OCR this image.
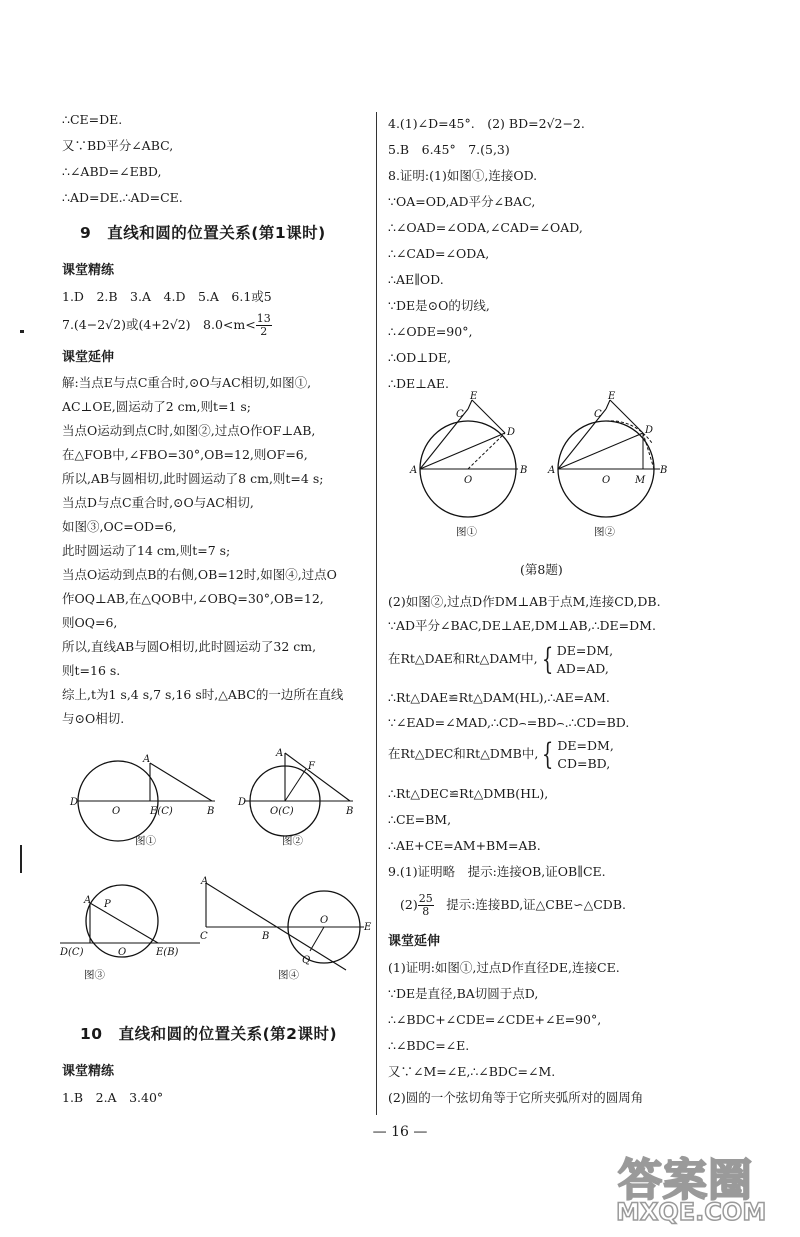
∴CE=DE.
又∵BD平分∠ABC,
∴∠ABD=∠EBD,
∴AD=DE.∴AD=CE.
9　直线和圆的位置关系(第1课时)
课堂精练
1.D　2.B　3.A　4.D　5.A　6.1或5
7.(4−2√2)或(4+2√2)　$8.0<m< \frac{13}{2}$
课堂延伸
解:当点E与点C重合时,⊙O与AC相切,如图①,
AC⊥OE,圆运动了2 cm,则t=1 s;
当点O运动到点C时,如图②,过点O作OF⊥AB,
在△FOB中,∠FBO=30°,OB=12,则OF=6,
所以,AB与圆相切,此时圆运动了8 cm,则t=4 s;
当点D与点C重合时,⊙O与AC相切,
如图③,OC=OD=6,
此时圆运动了14 cm,则t=7 s;
当点O运动到点B的右侧,OB=12时,如图④,过点O
作OQ⊥AB,在△QOB中,∠OBQ=30°,OB=12,
则OQ=6,
所以,直线AB与圆O相切,此时圆运动了32 cm,
则t=16 s.
综上,t为1 s,4 s,7 s,16 s时,△ABC的一边所在直线
与⊙O相切.
10　直线和圆的位置关系(第2课时)
课堂精练
1.B　2.A　3.40°
D
O	E(C)	B
A
图①
D
O(C)	B
A
F
图②
A P
D(C)	O	E(B)
图③
A
C	B
O
E
Q
图④
4.(1)∠D=45°.　(2) BD=2√2−2.
5.B　6.45°　7.(5,3)
8.证明:(1)如图①,连接OD.
∵OA=OD,AD平分∠BAC,
∴∠OAD=∠ODA,∠CAD=∠OAD,
∴∠CAD=∠ODA,
∴AE∥OD.
∵DE是⊙O的切线,
∴∠ODE=90°,
∴OD⊥DE,
∴DE⊥AE.
(第8题)
(2)如图②,过点D作DM⊥AB于点M,连接CD,DB.
∵AD平分∠BAC,DE⊥AE,DM⊥AB,∴DE=DM.
在Rt△DAE和Rt△DAM中, { DE=DM,
AD=AD,
∴Rt△DAE≌Rt△DAM(HL),∴AE=AM.
∵∠EAD=∠MAD,∴CD⌢=BD⌢.∴CD=BD.
在Rt△DEC和Rt△DMB中, { DE=DM,
CD=BD,
∴Rt△DEC≌Rt△DMB(HL),
∴CE=BM,
∴AE+CE=AM+BM=AB.
9.(1)证明略　提示:连接OB,证OB∥CE.
$(2) \frac{25}{8}$ 　提示:连接BD,证△CBE∽△CDB.
课堂延伸
(1)证明:如图①,过点D作直径DE,连接CE.
∵DE是直径,BA切圆于点D,
∴∠BDC+∠CDE=∠CDE+∠E=90°,
∴∠BDC=∠E.
又∵∠M=∠E,∴∠BDC=∠M.
(2)圆的一个弦切角等于它所夹弧所对的圆周角
A	B
O
C
E
D
图①
A	B
O M
C
E
D
图②
— 16 —
答案圈
MXQE.COM
